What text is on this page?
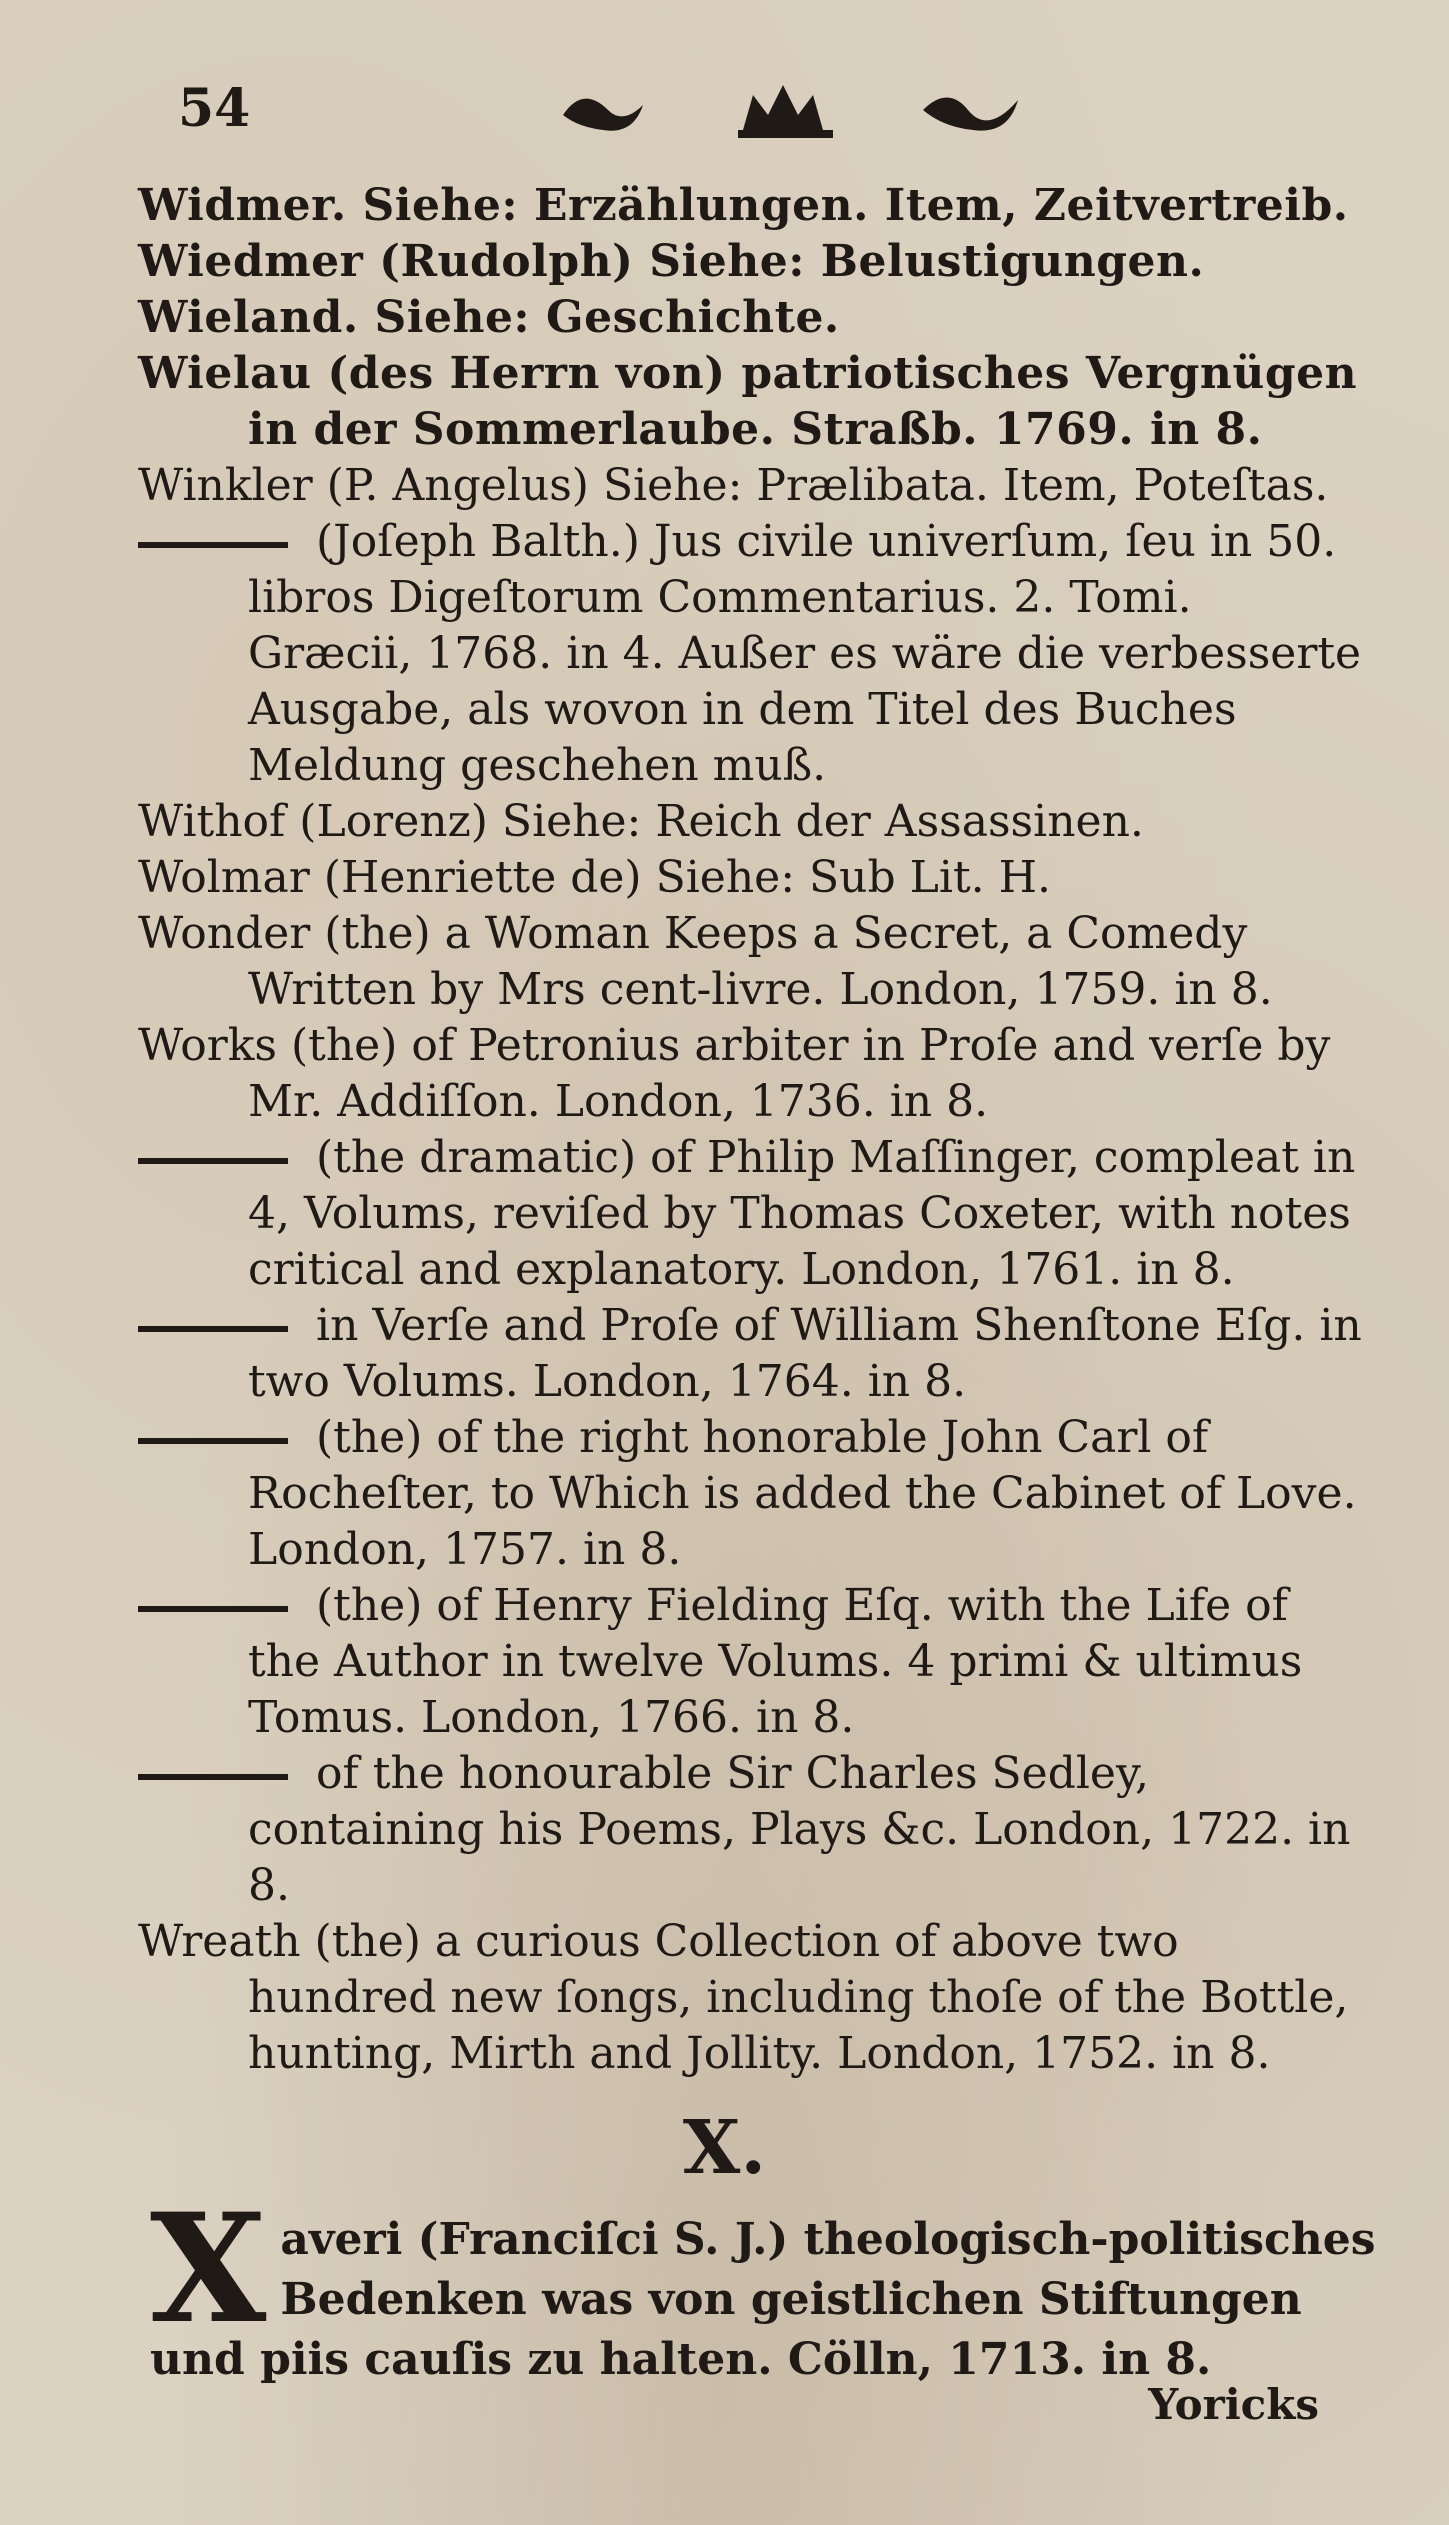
54

Widmer. Siehe: Erzählungen. Item, Zeitvertreib.

Wiedmer (Rudolph) Siehe: Belustigungen.

Wieland. Siehe: Geschichte.

Wielau (des Herrn von) patriotisches Vergnügen in der Sommerlaube. Straßb. 1769. in 8.

Winkler (P. Angelus) Siehe: Prælibata. Item, Poteſtas.

(Joſeph Balth.) Jus civile univerſum, ſeu in 50. libros Digeſtorum Commentarius. 2. Tomi. Græcii, 1768. in 4. Außer es wäre die verbesserte Ausgabe, als wovon in dem Titel des Buches Meldung geschehen muß.

Withof (Lorenz) Siehe: Reich der Assassinen.

Wolmar (Henriette de) Siehe: Sub Lit. H.

Wonder (the) a Woman Keeps a Secret, a Comedy Written by Mrs cent-livre. London, 1759. in 8.

Works (the) of Petronius arbiter in Proſe and verſe by Mr. Addiſſon. London, 1736. in 8.

(the dramatic) of Philip Maſſinger, compleat in 4, Volums, reviſed by Thomas Coxeter, with notes critical and explanatory. London, 1761. in 8.

in Verſe and Proſe of William Shenſtone Eſg. in two Volums. London, 1764. in 8.

(the) of the right honorable John Carl of Rocheſter, to Which is added the Cabinet of Love. London, 1757. in 8.

(the) of Henry Fielding Eſq. with the Life of the Author in twelve Volums. 4 primi & ultimus Tomus. London, 1766. in 8.

of the honourable Sir Charles Sedley, containing his Poems, Plays &c. London, 1722. in 8.

Wreath (the) a curious Collection of above two hundred new ſongs, including thoſe of the Bottle, hunting, Mirth and Jollity. London, 1752. in 8.

X.
X averi (Franciſci S. J.) theologisch-politisches Bedenken was von geistlichen Stiftungen und piis cauſis zu halten. Cölln, 1713. in 8.
Yoricks
